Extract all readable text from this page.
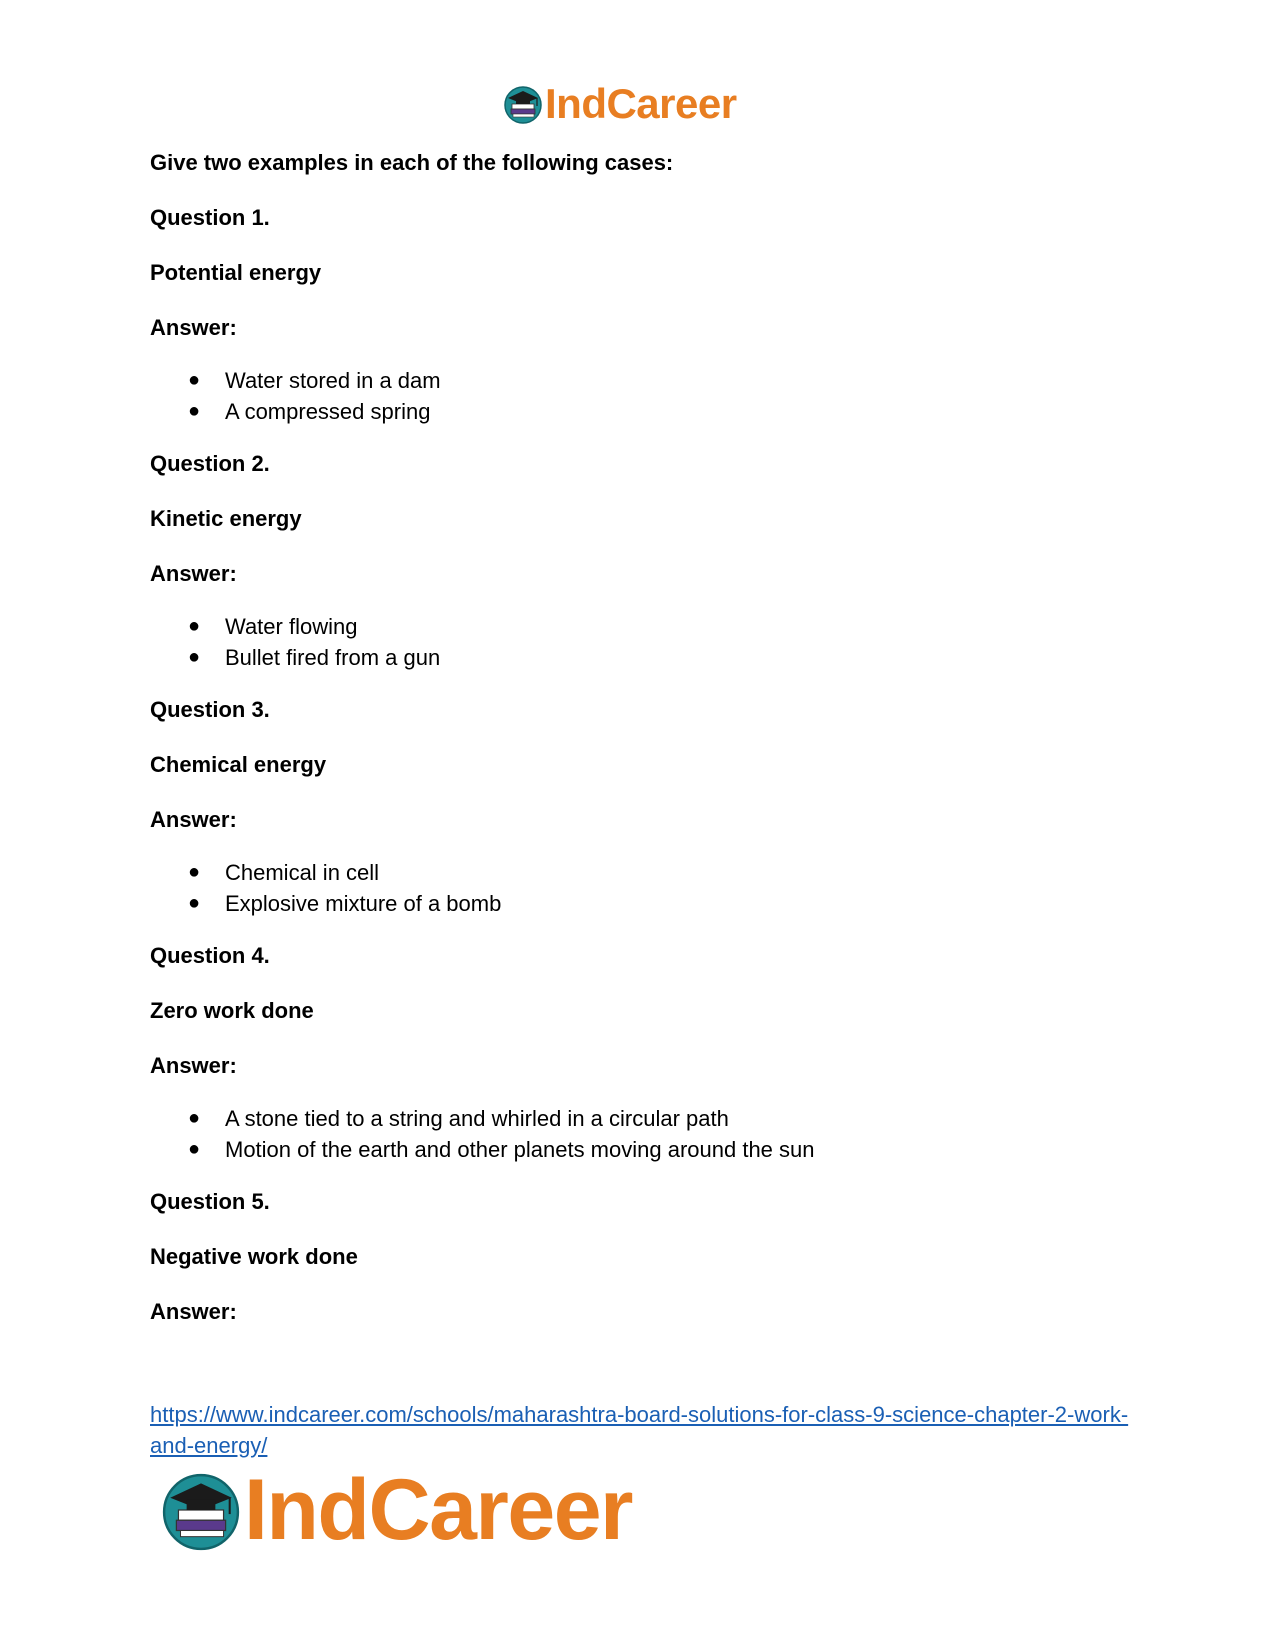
IndCareer

Give two examples in each of the following cases:

Question 1.

Potential energy

Answer:

● Water stored in a dam
● A compressed spring

Question 2.

Kinetic energy

Answer:

● Water flowing
● Bullet fired from a gun

Question 3.

Chemical energy

Answer:

● Chemical in cell
● Explosive mixture of a bomb

Question 4.

Zero work done

Answer:

● A stone tied to a string and whirled in a circular path
● Motion of the earth and other planets moving around the sun

Question 5.

Negative work done

Answer:

https://www.indcareer.com/schools/maharashtra-board-solutions-for-class-9-science-chapter-2-work-and-energy/
IndCareer
